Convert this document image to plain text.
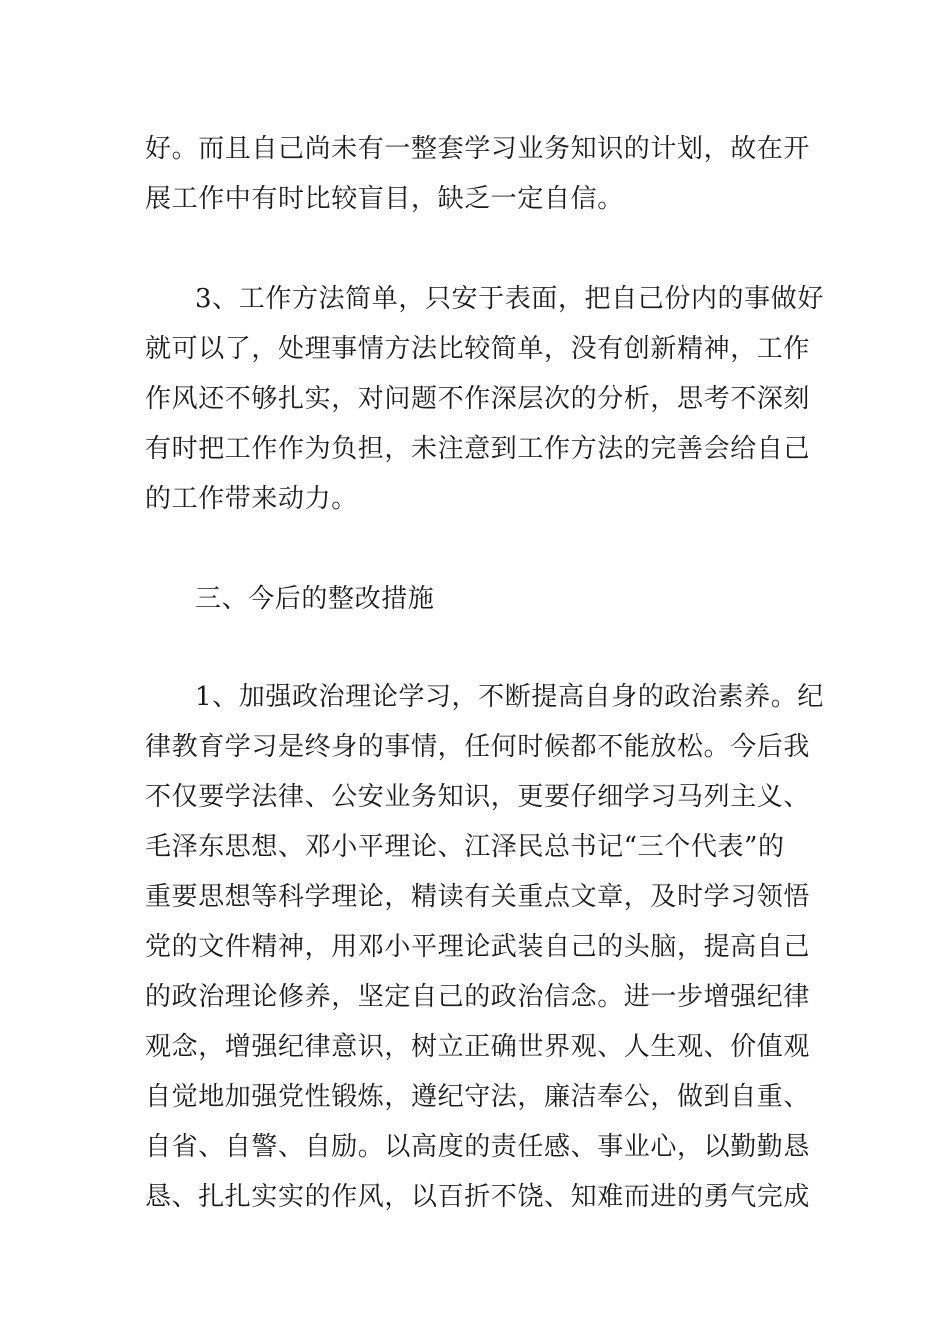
好。而且自己尚未有一整套学习业务知识的计划，故在开
展工作中有时比较盲目，缺乏一定自信。
3、工作方法简单，只安于表面，把自己份内的事做好
就可以了，处理事情方法比较简单，没有创新精神，工作
作风还不够扎实，对问题不作深层次的分析，思考不深刻
有时把工作作为负担，未注意到工作方法的完善会给自己
的工作带来动力。
三、今后的整改措施
1、加强政治理论学习，不断提高自身的政治素养。纪
律教育学习是终身的事情，任何时候都不能放松。今后我
不仅要学法律、公安业务知识，更要仔细学习马列主义、
毛泽东思想、邓小平理论、江泽民总书记“三个代表”的
重要思想等科学理论，精读有关重点文章，及时学习领悟
党的文件精神，用邓小平理论武装自己的头脑，提高自己
的政治理论修养，坚定自己的政治信念。进一步增强纪律
观念，增强纪律意识，树立正确世界观、人生观、价值观
自觉地加强党性锻炼，遵纪守法，廉洁奉公，做到自重、
自省、自警、自励。以高度的责任感、事业心，以勤勤恳
恳、扎扎实实的作风，以百折不饶、知难而进的勇气完成
